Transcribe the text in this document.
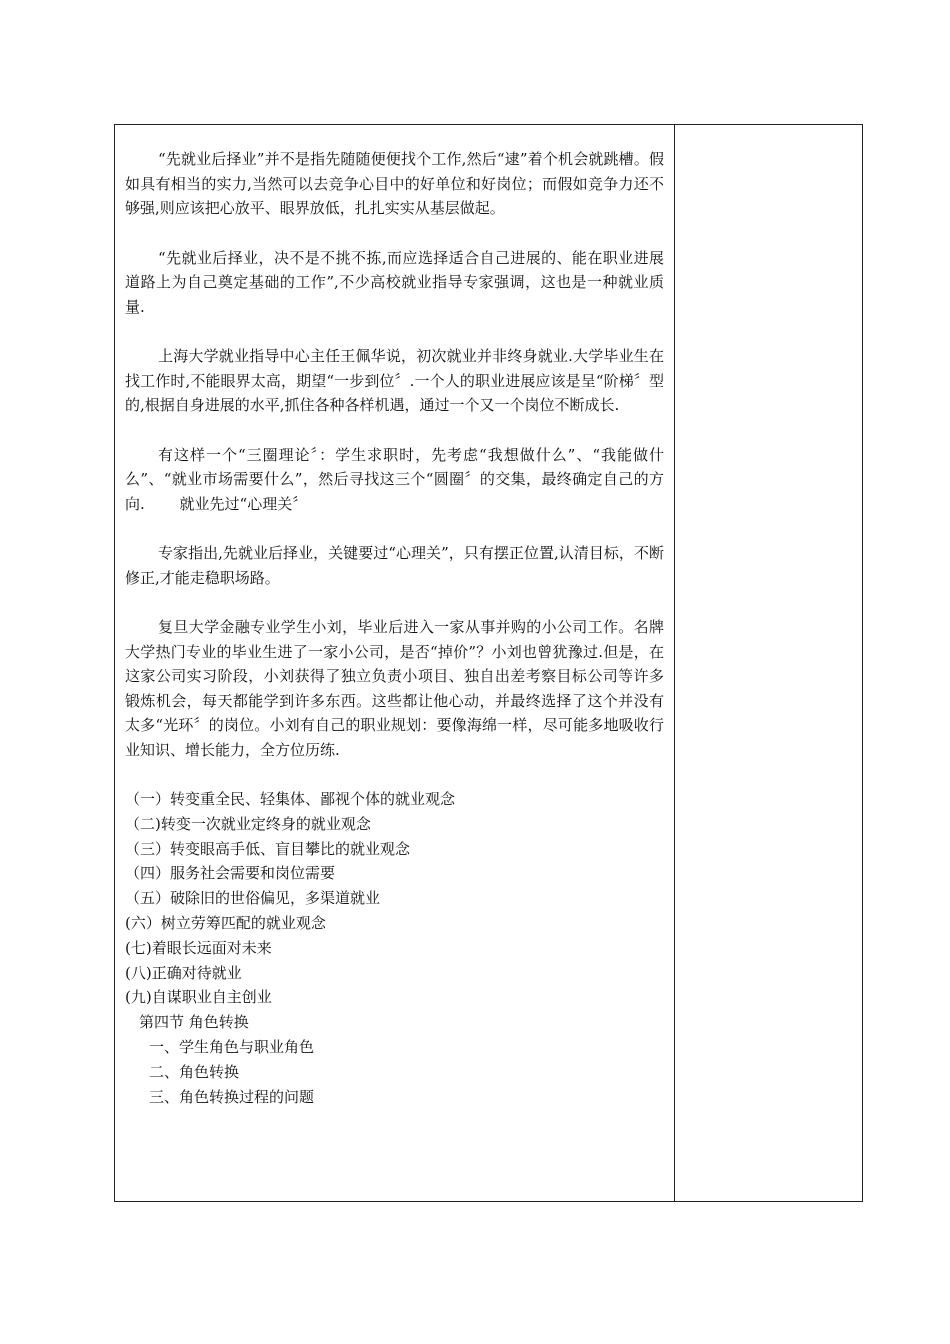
“先就业后择业”并不是指先随随便便找个工作,然后“逮”着个机会就跳槽。假如具有相当的实力,当然可以去竞争心目中的好单位和好岗位；而假如竞争力还不够强,则应该把心放平、眼界放低，扎扎实实从基层做起。

“先就业后择业，决不是不挑不拣,而应选择适合自己进展的、能在职业进展道路上为自己奠定基础的工作”,不少高校就业指导专家强调，这也是一种就业质量.

上海大学就业指导中心主任王佩华说，初次就业并非终身就业.大学毕业生在找工作时,不能眼界太高，期望“一步到位〞.一个人的职业进展应该是呈“阶梯〞型的,根据自身进展的水平,抓住各种各样机遇，通过一个又一个岗位不断成长.

有这样一个“三圈理论〞：学生求职时，先考虑“我想做什么”、“我能做什么”、“就业市场需要什么”，然后寻找这三个“圆圈〞的交集，最终确定自己的方向.　　 就业先过“心理关〞

专家指出,先就业后择业，关键要过“心理关”，只有摆正位置,认清目标，不断修正,才能走稳职场路。

复旦大学金融专业学生小刘，毕业后进入一家从事并购的小公司工作。名牌大学热门专业的毕业生进了一家小公司，是否“掉价”？小刘也曾犹豫过.但是，在这家公司实习阶段，小刘获得了独立负责小项目、独自出差考察目标公司等许多锻炼机会，每天都能学到许多东西。这些都让他心动，并最终选择了这个并没有太多“光环〞的岗位。小刘有自己的职业规划：要像海绵一样，尽可能多地吸收行业知识、增长能力，全方位历练.

（一）转变重全民、轻集体、鄙视个体的就业观念

（二)转变一次就业定终身的就业观念

（三）转变眼高手低、盲目攀比的就业观念

（四）服务社会需要和岗位需要

（五）破除旧的世俗偏见，多渠道就业

(六）树立劳筹匹配的就业观念

(七)着眼长远面对未来

(八)正确对待就业

(九)自谋职业自主创业

第四节 角色转换

一、学生角色与职业角色

二、角色转换

三、角色转换过程的问题
